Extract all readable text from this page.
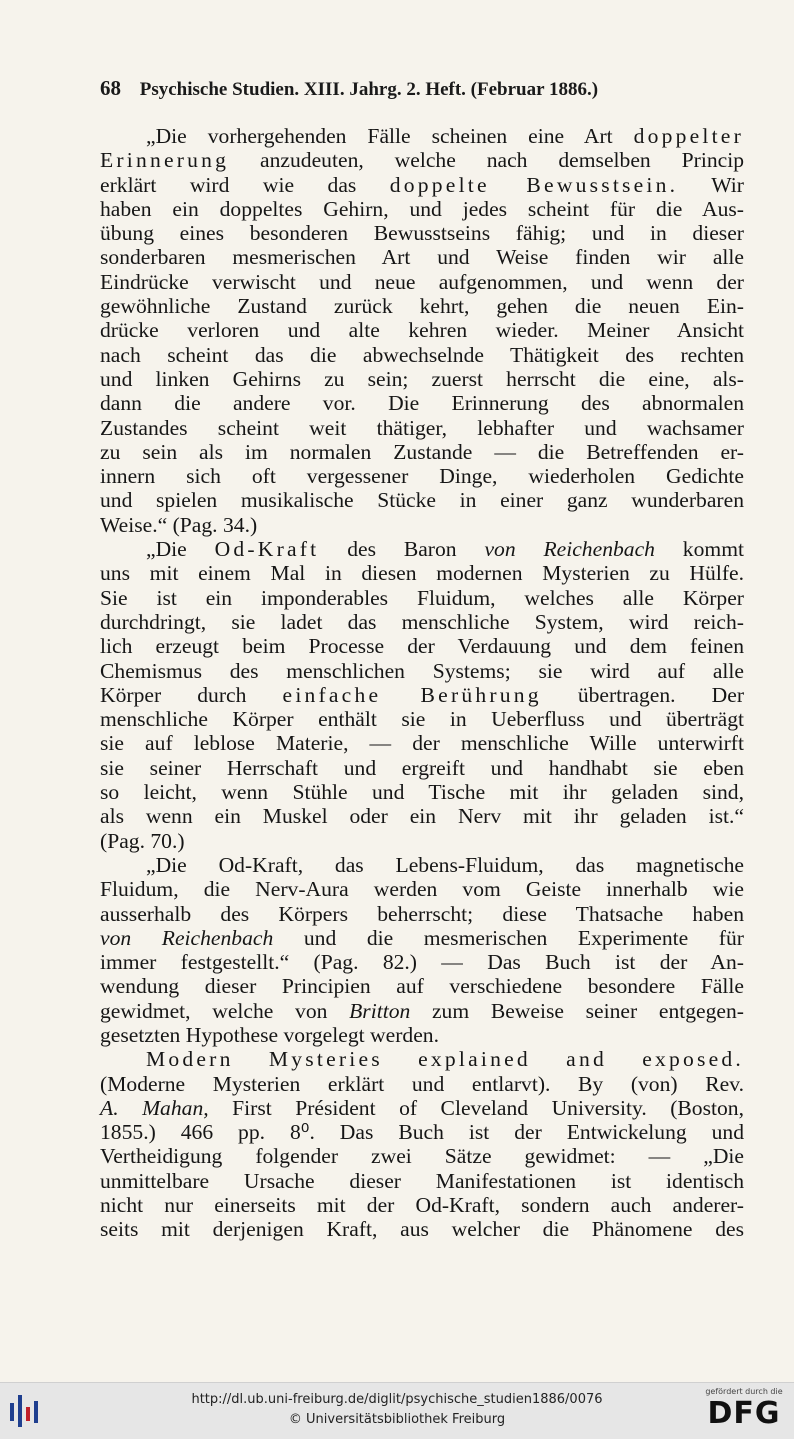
68 Psychische Studien. XIII. Jahrg. 2. Heft. (Februar 1886.)
„Die vorhergehenden Fälle scheinen eine Art doppelter
Erinnerung anzudeuten, welche nach demselben Princip
erklärt wird wie das doppelte Bewusstsein. Wir
haben ein doppeltes Gehirn, und jedes scheint für die Aus-
übung eines besonderen Bewusstseins fähig; und in dieser
sonderbaren mesmerischen Art und Weise finden wir alle
Eindrücke verwischt und neue aufgenommen, und wenn der
gewöhnliche Zustand zurück kehrt, gehen die neuen Ein-
drücke verloren und alte kehren wieder. Meiner Ansicht
nach scheint das die abwechselnde Thätigkeit des rechten
und linken Gehirns zu sein; zuerst herrscht die eine, als-
dann die andere vor. Die Erinnerung des abnormalen
Zustandes scheint weit thätiger, lebhafter und wachsamer
zu sein als im normalen Zustande — die Betreffenden er-
innern sich oft vergessener Dinge, wiederholen Gedichte
und spielen musikalische Stücke in einer ganz wunderbaren
Weise.“ (Pag. 34.)
„Die Od-Kraft des Baron von Reichenbach kommt
uns mit einem Mal in diesen modernen Mysterien zu Hülfe.
Sie ist ein imponderables Fluidum, welches alle Körper
durchdringt, sie ladet das menschliche System, wird reich-
lich erzeugt beim Processe der Verdauung und dem feinen
Chemismus des menschlichen Systems; sie wird auf alle
Körper durch einfache Berührung übertragen. Der
menschliche Körper enthält sie in Ueberfluss und überträgt
sie auf leblose Materie, — der menschliche Wille unterwirft
sie seiner Herrschaft und ergreift und handhabt sie eben
so leicht, wenn Stühle und Tische mit ihr geladen sind,
als wenn ein Muskel oder ein Nerv mit ihr geladen ist.“
(Pag. 70.)
„Die Od-Kraft, das Lebens-Fluidum, das magnetische
Fluidum, die Nerv-Aura werden vom Geiste innerhalb wie
ausserhalb des Körpers beherrscht; diese Thatsache haben
von Reichenbach und die mesmerischen Experimente für
immer festgestellt.“ (Pag. 82.) — Das Buch ist der An-
wendung dieser Principien auf verschiedene besondere Fälle
gewidmet, welche von Britton zum Beweise seiner entgegen-
gesetzten Hypothese vorgelegt werden.
Modern Mysteries explained and exposed.
(Moderne Mysterien erklärt und entlarvt). By (von) Rev.
A. Mahan, First Président of Cleveland University. (Boston,
1855.) 466 pp. 8⁰. Das Buch ist der Entwickelung und
Vertheidigung folgender zwei Sätze gewidmet: — „Die
unmittelbare Ursache dieser Manifestationen ist identisch
nicht nur einerseits mit der Od-Kraft, sondern auch anderer-
seits mit derjenigen Kraft, aus welcher die Phänomene des
http://dl.ub.uni-freiburg.de/diglit/psychische_studien1886/0076
© Universitätsbibliothek Freiburg
gefördert durch die
DFG
